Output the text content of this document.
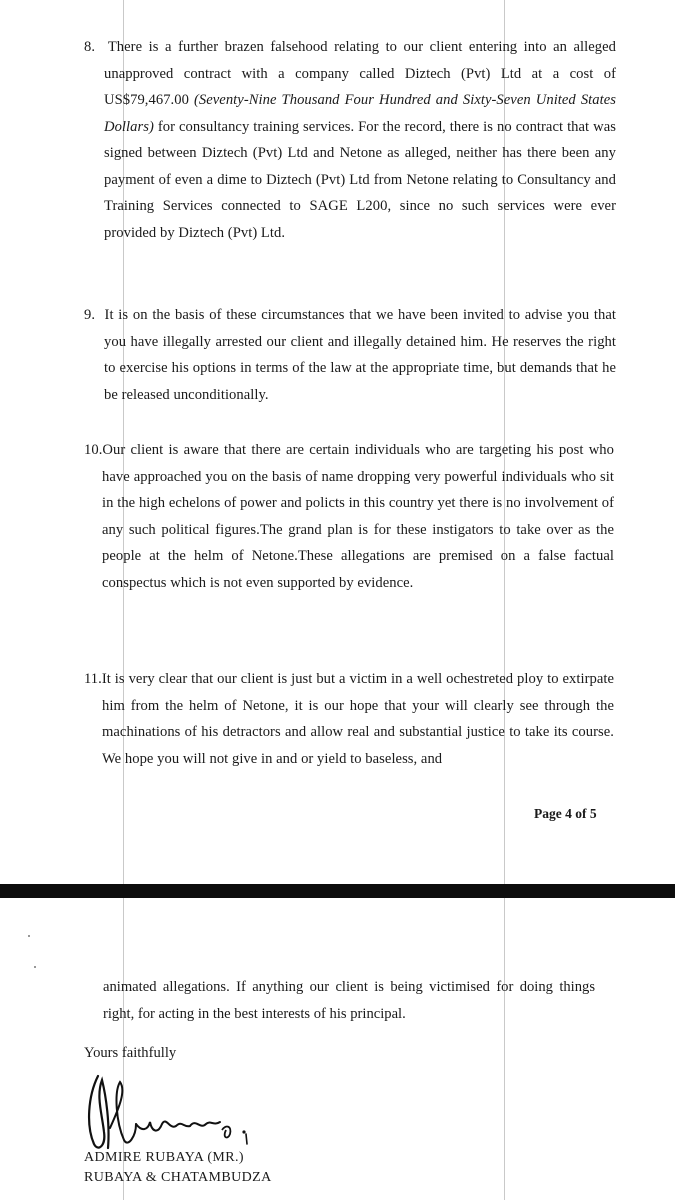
8. There is a further brazen falsehood relating to our client entering into an alleged unapproved contract with a company called Diztech (Pvt) Ltd at a cost of US$79,467.00 (Seventy-Nine Thousand Four Hundred and Sixty-Seven United States Dollars) for consultancy training services. For the record, there is no contract that was signed between Diztech (Pvt) Ltd and Netone as alleged, neither has there been any payment of even a dime to Diztech (Pvt) Ltd from Netone relating to Consultancy and Training Services connected to SAGE L200, since no such services were ever provided by Diztech (Pvt) Ltd.
9. It is on the basis of these circumstances that we have been invited to advise you that you have illegally arrested our client and illegally detained him. He reserves the right to exercise his options in terms of the law at the appropriate time, but demands that he be released unconditionally.
10.Our client is aware that there are certain individuals who are targeting his post who have approached you on the basis of name dropping very powerful individuals who sit in the high echelons of power and policts in this country yet there is no involvement of any such political figures.The grand plan is for these instigators to take over as the people at the helm of Netone.These allegations are premised on a false factual conspectus which is not even supported by evidence.
11.It is very clear that our client is just but a victim in a well ochestreted ploy to extirpate him from the helm of Netone, it is our hope that your will clearly see through the machinations of his detractors and allow real and substantial justice to take its course. We hope you will not give in and or yield to baseless, and
Page 4 of 5
animated allegations. If anything our client is being victimised for doing things right, for acting in the best interests of his principal.
Yours faithfully
ADMIRE RUBAYA (MR.)
RUBAYA & CHATAMBUDZA
